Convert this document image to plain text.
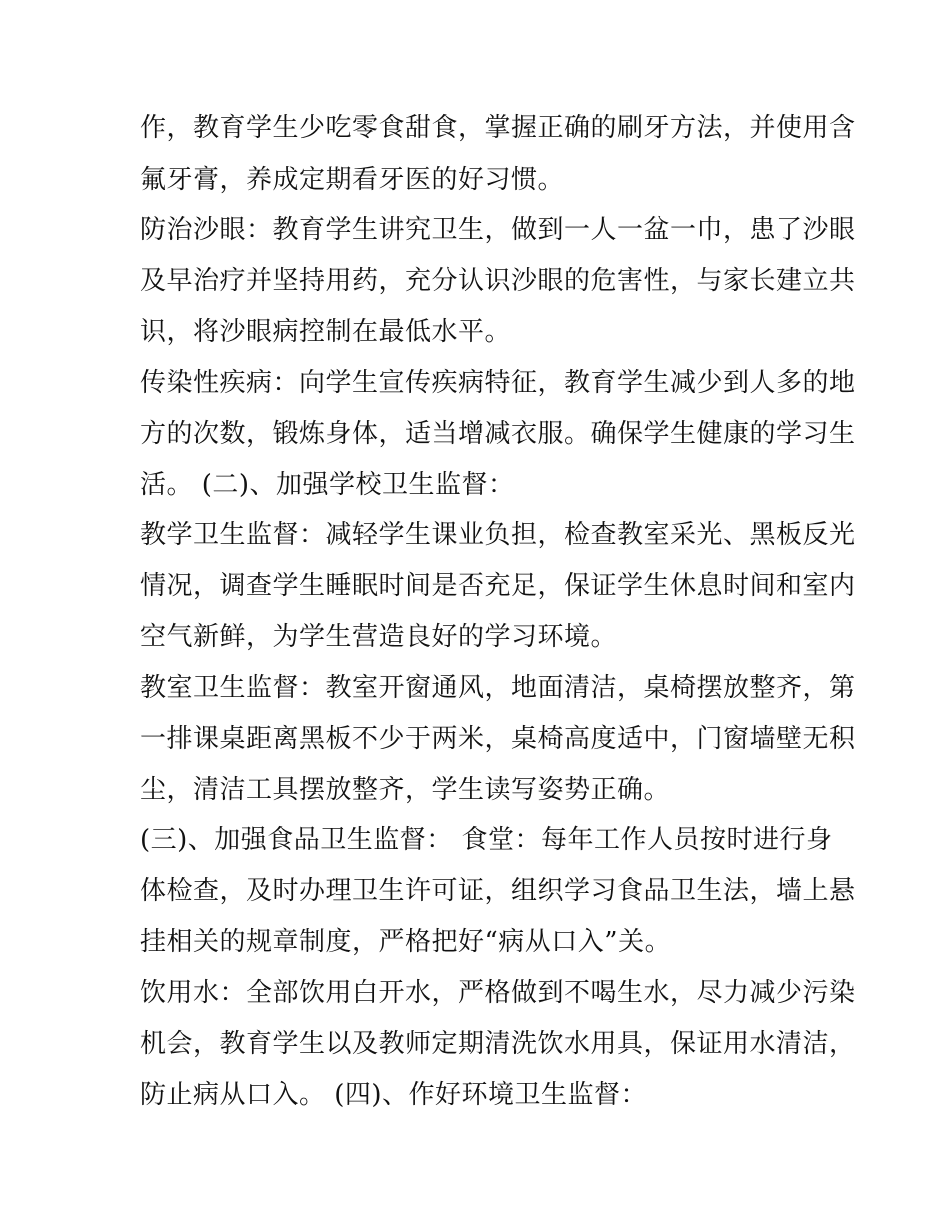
作，教育学生少吃零食甜食，掌握正确的刷牙方法，并使用含
氟牙膏，养成定期看牙医的好习惯。
防治沙眼：教育学生讲究卫生，做到一人一盆一巾，患了沙眼
及早治疗并坚持用药，充分认识沙眼的危害性，与家长建立共
识，将沙眼病控制在最低水平。
传染性疾病：向学生宣传疾病特征，教育学生减少到人多的地
方的次数，锻炼身体，适当增减衣服。确保学生健康的学习生
活。 (二)、加强学校卫生监督：
教学卫生监督：减轻学生课业负担，检查教室采光、黑板反光
情况，调查学生睡眠时间是否充足，保证学生休息时间和室内
空气新鲜，为学生营造良好的学习环境。
教室卫生监督：教室开窗通风，地面清洁，桌椅摆放整齐，第
一排课桌距离黑板不少于两米，桌椅高度适中，门窗墙壁无积
尘，清洁工具摆放整齐，学生读写姿势正确。
(三)、加强食品卫生监督： 食堂：每年工作人员按时进行身
体检查，及时办理卫生许可证，组织学习食品卫生法，墙上悬
挂相关的规章制度，严格把好“病从口入”关。
饮用水：全部饮用白开水，严格做到不喝生水，尽力减少污染
机会，教育学生以及教师定期清洗饮水用具，保证用水清洁，
防止病从口入。 (四)、作好环境卫生监督：
